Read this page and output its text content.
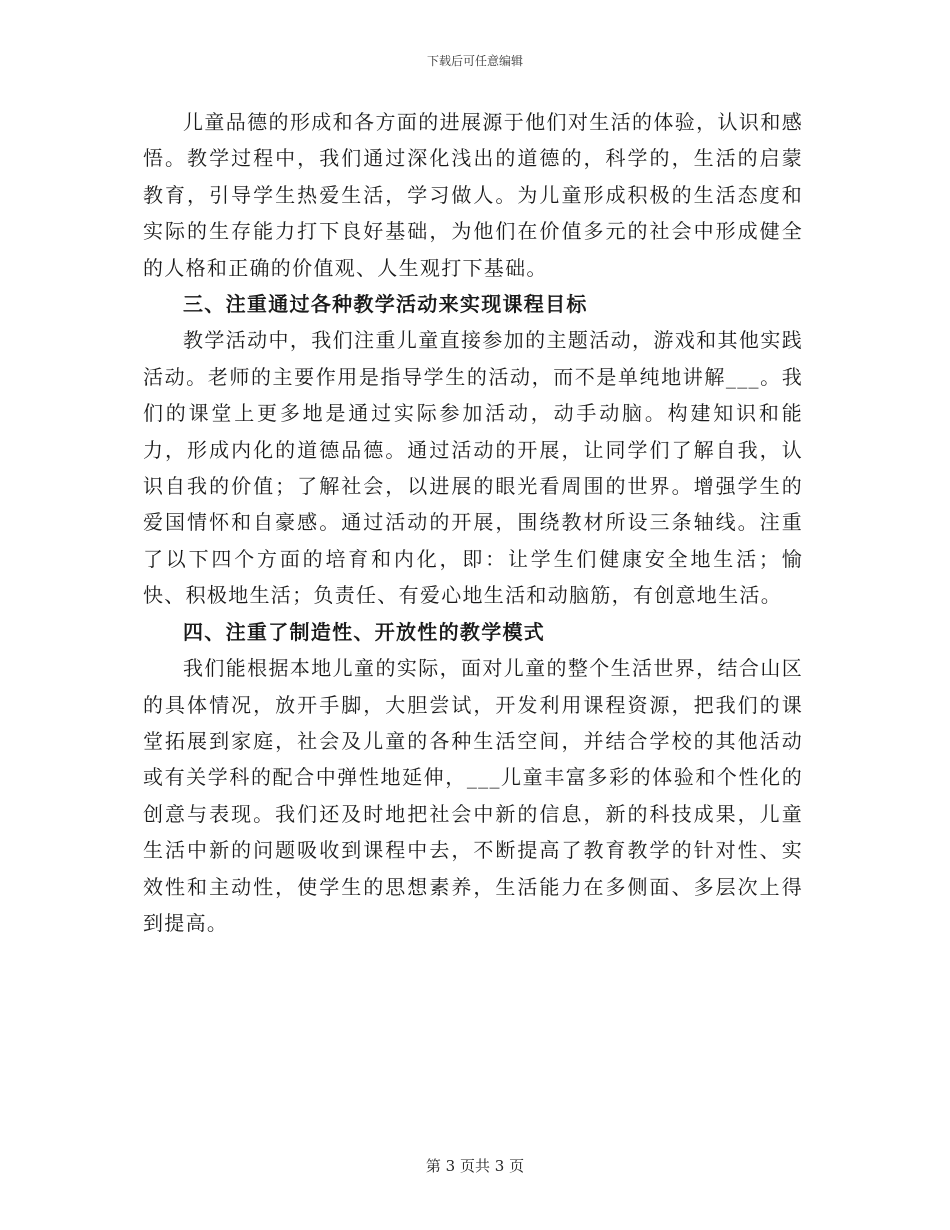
下载后可任意编辑

儿童品德的形成和各方面的进展源于他们对生活的体验，认识和感悟。教学过程中，我们通过深化浅出的道德的，科学的，生活的启蒙教育，引导学生热爱生活，学习做人。为儿童形成积极的生活态度和实际的生存能力打下良好基础，为他们在价值多元的社会中形成健全的人格和正确的价值观、人生观打下基础。

三、注重通过各种教学活动来实现课程目标

教学活动中，我们注重儿童直接参加的主题活动，游戏和其他实践活动。老师的主要作用是指导学生的活动，而不是单纯地讲解___。我们的课堂上更多地是通过实际参加活动，动手动脑。构建知识和能力，形成内化的道德品德。通过活动的开展，让同学们了解自我，认识自我的价值；了解社会，以进展的眼光看周围的世界。增强学生的爱国情怀和自豪感。通过活动的开展，围绕教材所设三条轴线。注重了以下四个方面的培育和内化，即：让学生们健康安全地生活；愉快、积极地生活；负责任、有爱心地生活和动脑筋，有创意地生活。

四、注重了制造性、开放性的教学模式

我们能根据本地儿童的实际，面对儿童的整个生活世界，结合山区的具体情况，放开手脚，大胆尝试，开发利用课程资源，把我们的课堂拓展到家庭，社会及儿童的各种生活空间，并结合学校的其他活动或有关学科的配合中弹性地延伸，___儿童丰富多彩的体验和个性化的创意与表现。我们还及时地把社会中新的信息，新的科技成果，儿童生活中新的问题吸收到课程中去，不断提高了教育教学的针对性、实效性和主动性，使学生的思想素养，生活能力在多侧面、多层次上得到提高。

第 3 页共 3 页
